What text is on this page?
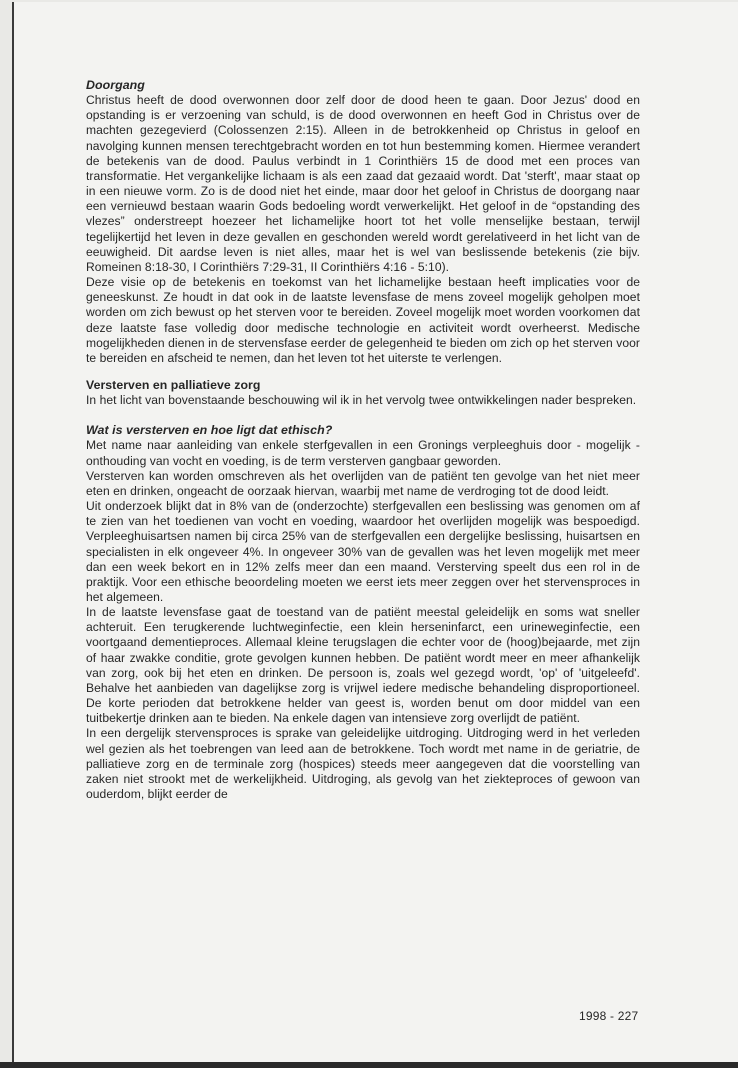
Doorgang

Christus heeft de dood overwonnen door zelf door de dood heen te gaan. Door Jezus' dood en opstanding is er verzoening van schuld, is de dood overwonnen en heeft God in Christus over de machten gezegevierd (Colossenzen 2:15). Alleen in de betrokkenheid op Christus in geloof en navolging kunnen mensen terechtgebracht worden en tot hun bestemming komen. Hiermee verandert de betekenis van de dood. Paulus verbindt in 1 Corinthiërs 15 de dood met een proces van transformatie. Het vergankelijke lichaam is als een zaad dat gezaaid wordt. Dat 'sterft', maar staat op in een nieuwe vorm. Zo is de dood niet het einde, maar door het geloof in Christus de doorgang naar een vernieuwd bestaan waarin Gods bedoeling wordt verwerkelijkt. Het geloof in de “opstanding des vlezes” onderstreept hoezeer het lichamelijke hoort tot het volle menselijke bestaan, terwijl tegelijkertijd het leven in deze gevallen en geschonden wereld wordt gerelativeerd in het licht van de eeuwigheid. Dit aardse leven is niet alles, maar het is wel van beslissende betekenis (zie bijv. Romeinen 8:18-30, I Corinthiërs 7:29-31, II Corinthiërs 4:16 - 5:10).

Deze visie op de betekenis en toekomst van het lichamelijke bestaan heeft implicaties voor de geneeskunst. Ze houdt in dat ook in de laatste levensfase de mens zoveel mogelijk geholpen moet worden om zich bewust op het sterven voor te bereiden. Zoveel mogelijk moet worden voorkomen dat deze laatste fase volledig door medische technologie en activiteit wordt overheerst. Medische mogelijkheden dienen in de stervensfase eerder de gelegenheid te bieden om zich op het sterven voor te bereiden en afscheid te nemen, dan het leven tot het uiterste te verlengen.

Versterven en palliatieve zorg

In het licht van bovenstaande beschouwing wil ik in het vervolg twee ontwikkelingen nader bespreken.

Wat is versterven en hoe ligt dat ethisch?

Met name naar aanleiding van enkele sterfgevallen in een Gronings verpleeghuis door - mogelijk - onthouding van vocht en voeding, is de term versterven gangbaar geworden.

Versterven kan worden omschreven als het overlijden van de patiënt ten gevolge van het niet meer eten en drinken, ongeacht de oorzaak hiervan, waarbij met name de verdroging tot de dood leidt.

Uit onderzoek blijkt dat in 8% van de (onderzochte) sterfgevallen een beslissing was genomen om af te zien van het toedienen van vocht en voeding, waardoor het overlijden mogelijk was bespoedigd. Verpleeghuisartsen namen bij circa 25% van de sterfgevallen een dergelijke beslissing, huisartsen en specialisten in elk ongeveer 4%. In ongeveer 30% van de gevallen was het leven mogelijk met meer dan een week bekort en in 12% zelfs meer dan een maand. Versterving speelt dus een rol in de praktijk. Voor een ethische beoordeling moeten we eerst iets meer zeggen over het stervensproces in het algemeen.

In de laatste levensfase gaat de toestand van de patiënt meestal geleidelijk en soms wat sneller achteruit. Een terugkerende luchtweginfectie, een klein herseninfarct, een urineweginfectie, een voortgaand dementieproces. Allemaal kleine terugslagen die echter voor de (hoog)bejaarde, met zijn of haar zwakke conditie, grote gevolgen kunnen hebben. De patiënt wordt meer en meer afhankelijk van zorg, ook bij het eten en drinken. De persoon is, zoals wel gezegd wordt, 'op' of 'uitgeleefd'. Behalve het aanbieden van dagelijkse zorg is vrijwel iedere medische behandeling disproportioneel. De korte perioden dat betrokkene helder van geest is, worden benut om door middel van een tuitbekertje drinken aan te bieden. Na enkele dagen van intensieve zorg overlijdt de patiënt.

In een dergelijk stervensproces is sprake van geleidelijke uitdroging. Uitdroging werd in het verleden wel gezien als het toebrengen van leed aan de betrokkene. Toch wordt met name in de geriatrie, de palliatieve zorg en de terminale zorg (hospices) steeds meer aangegeven dat die voorstelling van zaken niet strookt met de werkelijkheid. Uitdroging, als gevolg van het ziekteproces of gewoon van ouderdom, blijkt eerder de

1998 - 227
